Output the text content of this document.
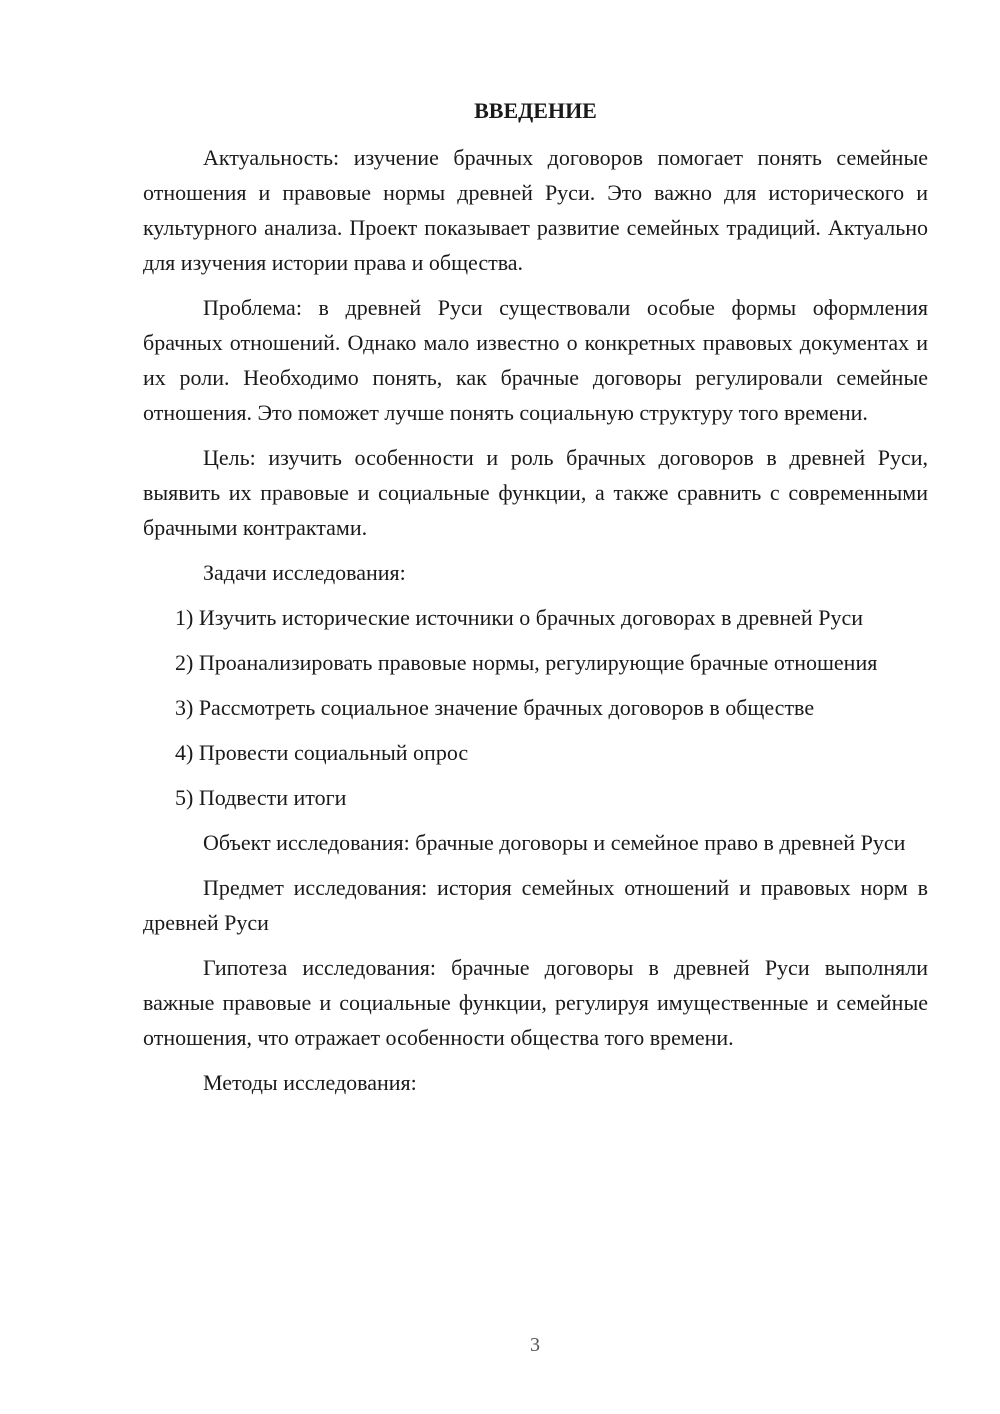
ВВЕДЕНИЕ

Актуальность: изучение брачных договоров помогает понять семейные отношения и правовые нормы древней Руси. Это важно для исторического и культурного анализа. Проект показывает развитие семейных традиций. Актуально для изучения истории права и общества.

Проблема: в древней Руси существовали особые формы оформления брачных отношений. Однако мало известно о конкретных правовых документах и их роли. Необходимо понять, как брачные договоры регулировали семейные отношения. Это поможет лучше понять социальную структуру того времени.

Цель: изучить особенности и роль брачных договоров в древней Руси, выявить их правовые и социальные функции, а также сравнить с современными брачными контрактами.

Задачи исследования:

1) Изучить исторические источники о брачных договорах в древней Руси

2) Проанализировать правовые нормы, регулирующие брачные отношения

3) Рассмотреть социальное значение брачных договоров в обществе

4) Провести социальный опрос

5) Подвести итоги

Объект исследования: брачные договоры и семейное право в древней Руси

Предмет исследования: история семейных отношений и правовых норм в древней Руси

Гипотеза исследования: брачные договоры в древней Руси выполняли важные правовые и социальные функции, регулируя имущественные и семейные отношения, что отражает особенности общества того времени.

Методы исследования:

3
